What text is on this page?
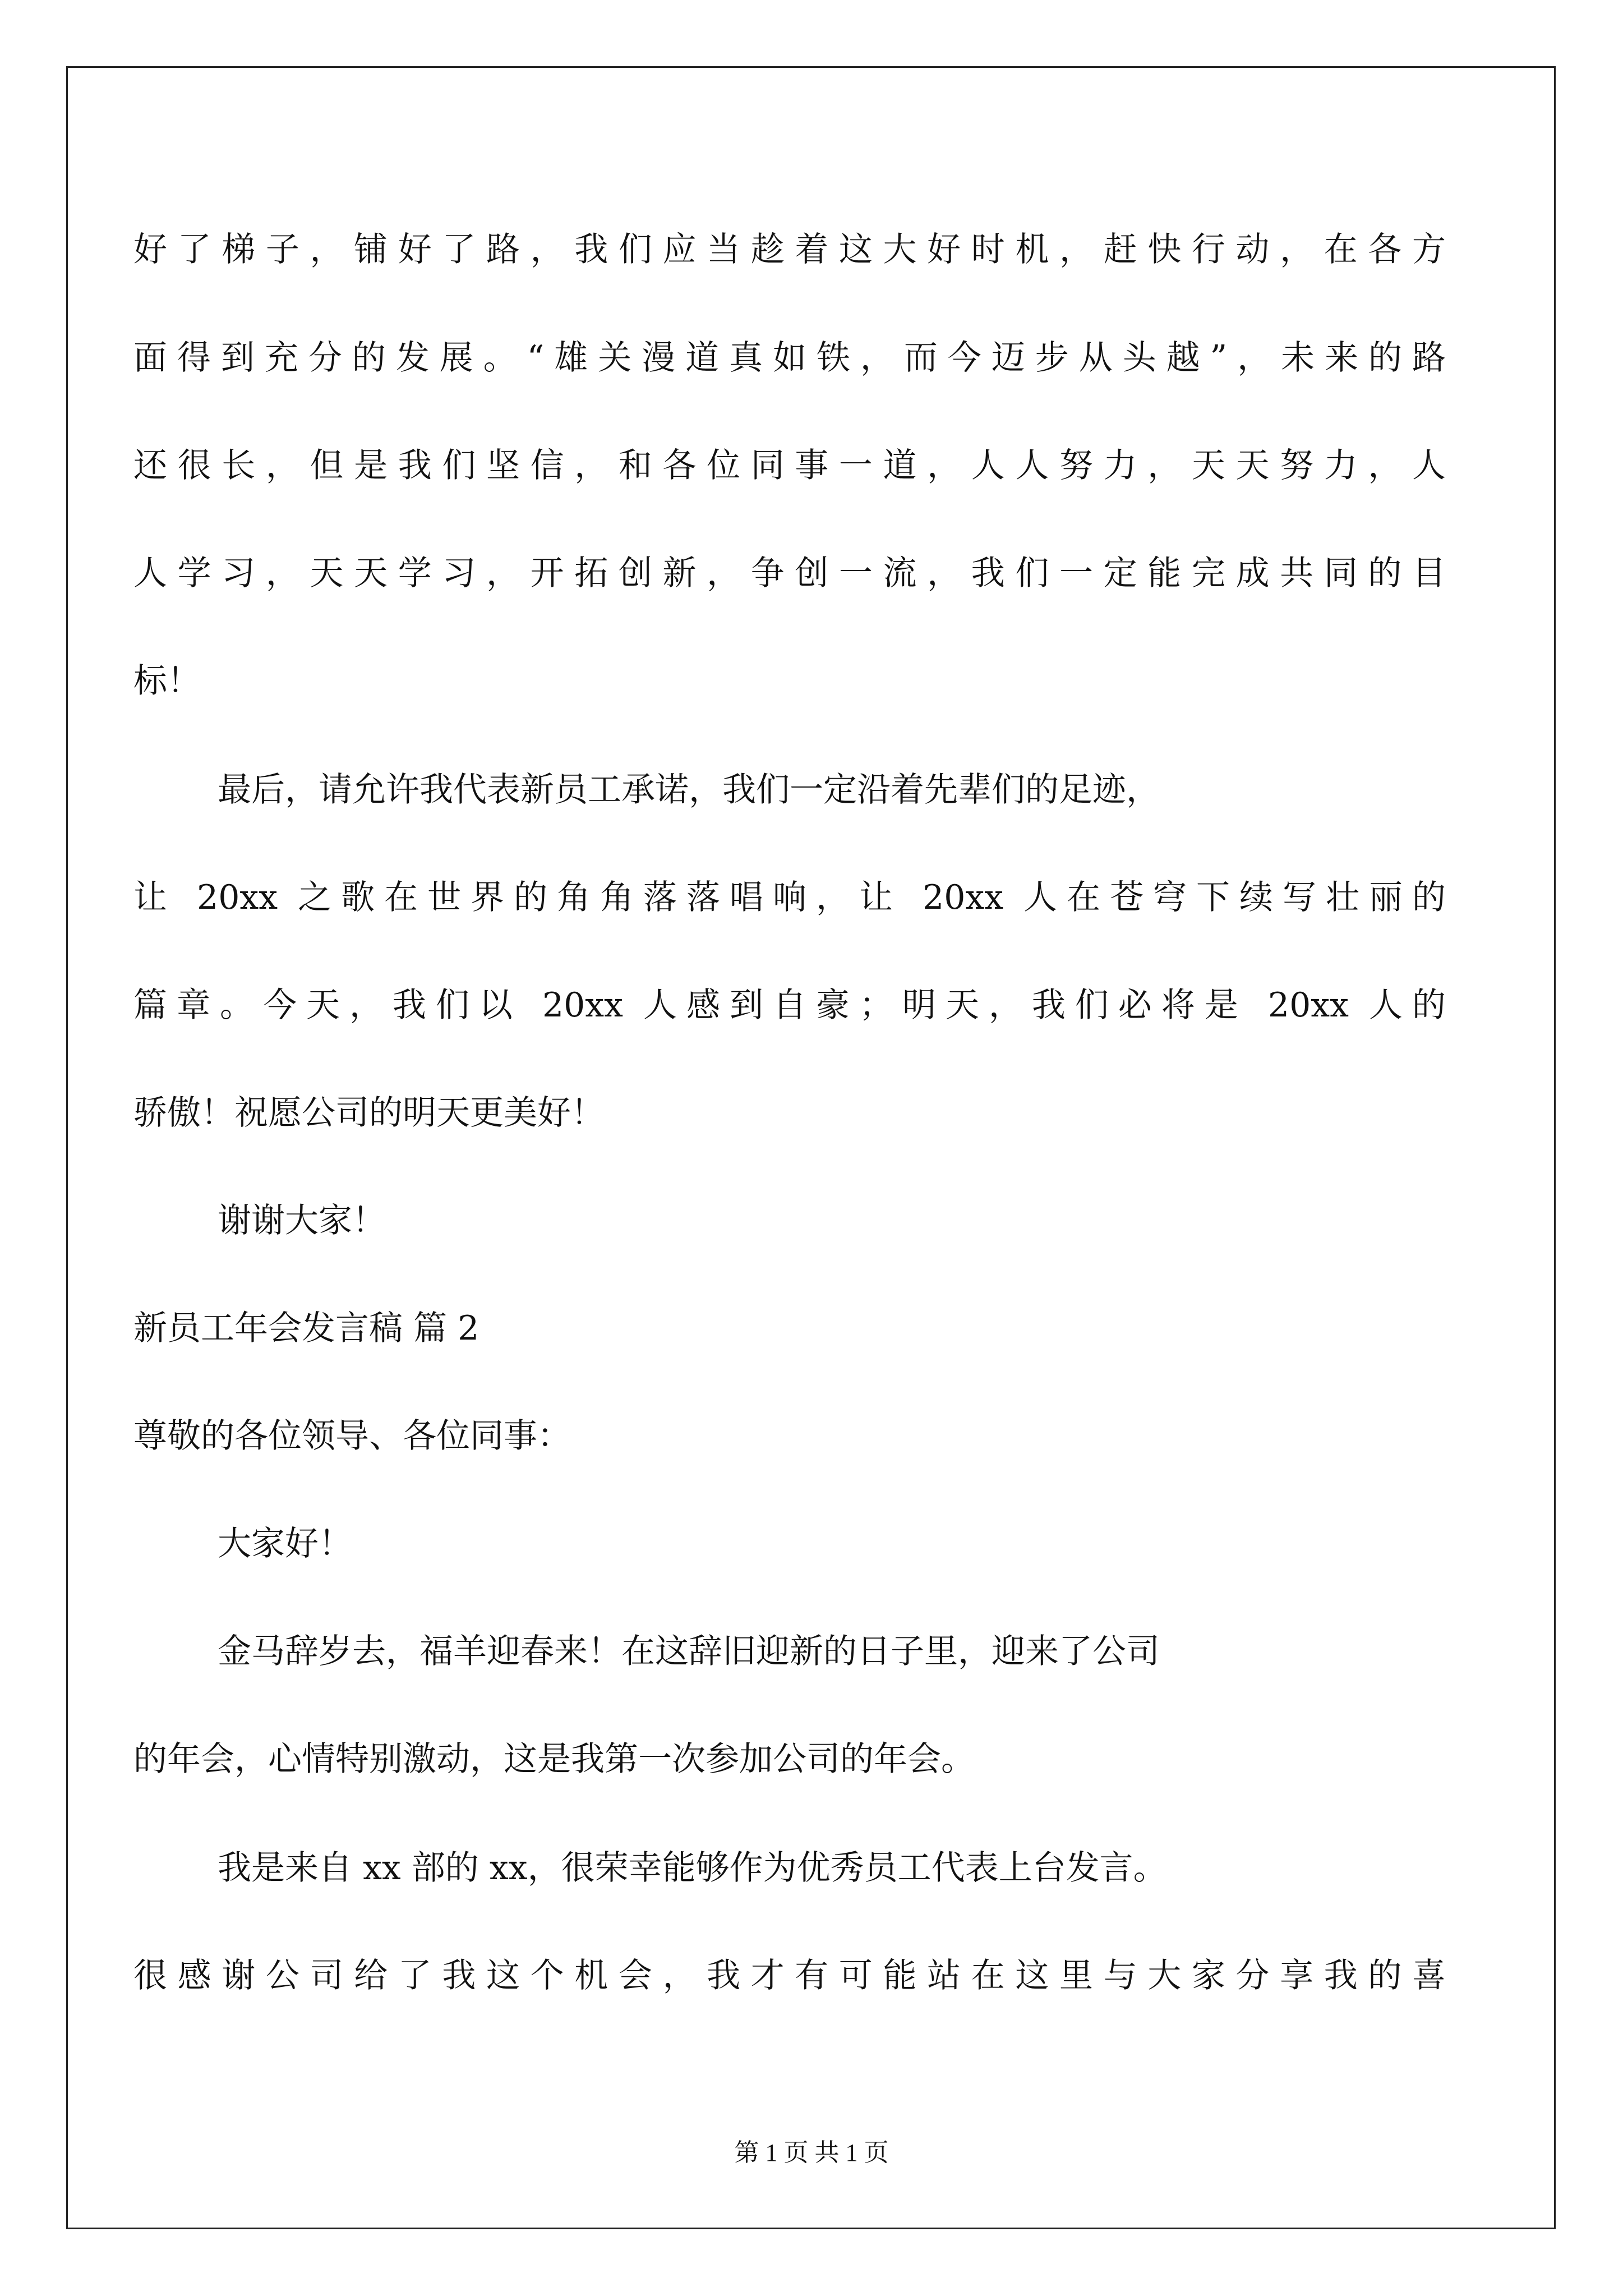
好了梯子，铺好了路，我们应当趁着这大好时机，赶快行动，在各方
面得到充分的发展。“雄关漫道真如铁，而今迈步从头越”，未来的路
还很长，但是我们坚信，和各位同事一道，人人努力，天天努力，人
人学习，天天学习，开拓创新，争创一流，我们一定能完成共同的目
标！
最后，请允许我代表新员工承诺，我们一定沿着先辈们的足迹，
让 20xx 之歌在世界的角角落落唱响，让 20xx 人在苍穹下续写壮丽的
篇章。今天，我们以 20xx 人感到自豪；明天，我们必将是 20xx 人的
骄傲！祝愿公司的明天更美好！
谢谢大家！
新员工年会发言稿 篇 2
尊敬的各位领导、各位同事：
大家好！
金马辞岁去，福羊迎春来！在这辞旧迎新的日子里，迎来了公司
的年会，心情特别激动，这是我第一次参加公司的年会。
我是来自 xx 部的 xx，很荣幸能够作为优秀员工代表上台发言。
很感谢公司给了我这个机会，我才有可能站在这里与大家分享我的喜
第 1 页 共 1 页
